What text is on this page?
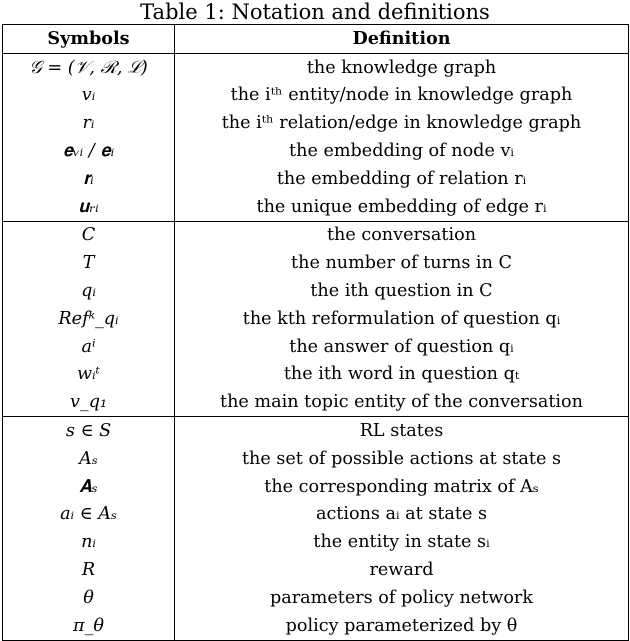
Table 1: Notation and definitions
Symbols	Definition
𝒢 = (𝒱, ℛ, ℒ)	the knowledge graph
vᵢ	the iᵗʰ entity/node in knowledge graph
rᵢ	the iᵗʰ relation/edge in knowledge graph
𝐞ᵥᵢ / 𝐞ᵢ	the embedding of node vᵢ
𝐫ᵢ	the embedding of relation rᵢ
𝐮ᵣᵢ	the unique embedding of edge rᵢ
C	the conversation
T	the number of turns in C
qᵢ	the ith question in C
Refᵏ_qᵢ	the kth reformulation of question qᵢ
aⁱ	the answer of question qᵢ
wᵢᵗ	the ith word in question qₜ
v_q₁	the main topic entity of the conversation
s ∈ S	RL states
Aₛ	the set of possible actions at state s
𝐀ₛ	the corresponding matrix of Aₛ
aᵢ ∈ Aₛ	actions aᵢ at state s
nᵢ	the entity in state sᵢ
R	reward
θ	parameters of policy network
π_θ	policy parameterized by θ
